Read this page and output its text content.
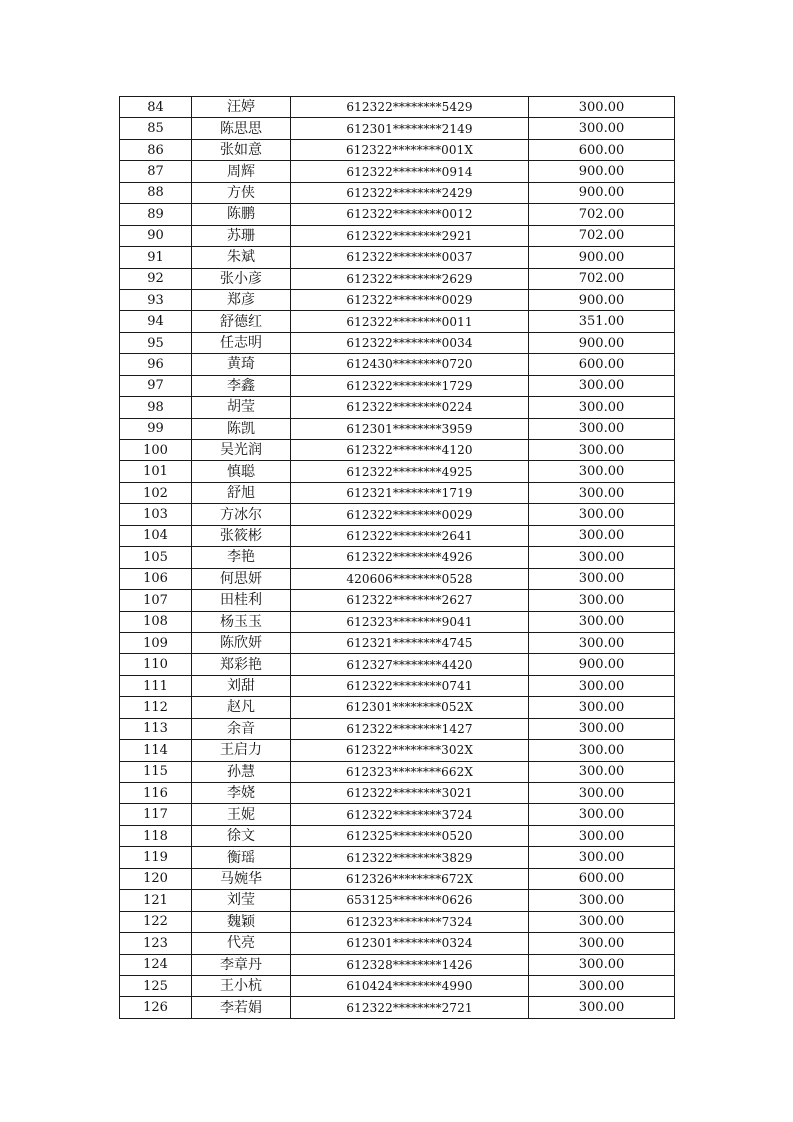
84	汪婷	612322********5429	300.00
85	陈思思	612301********2149	300.00
86	张如意	612322********001X	600.00
87	周辉	612322********0914	900.00
88	方侠	612322********2429	900.00
89	陈鹏	612322********0012	702.00
90	苏珊	612322********2921	702.00
91	朱斌	612322********0037	900.00
92	张小彦	612322********2629	702.00
93	郑彦	612322********0029	900.00
94	舒德红	612322********0011	351.00
95	任志明	612322********0034	900.00
96	黄琦	612430********0720	600.00
97	李鑫	612322********1729	300.00
98	胡莹	612322********0224	300.00
99	陈凯	612301********3959	300.00
100	吴光润	612322********4120	300.00
101	慎聪	612322********4925	300.00
102	舒旭	612321********1719	300.00
103	方冰尔	612322********0029	300.00
104	张筱彬	612322********2641	300.00
105	李艳	612322********4926	300.00
106	何思妍	420606********0528	300.00
107	田桂利	612322********2627	300.00
108	杨玉玉	612323********9041	300.00
109	陈欣妍	612321********4745	300.00
110	郑彩艳	612327********4420	900.00
111	刘甜	612322********0741	300.00
112	赵凡	612301********052X	300.00
113	余音	612322********1427	300.00
114	王启力	612322********302X	300.00
115	孙慧	612323********662X	300.00
116	李娆	612322********3021	300.00
117	王妮	612322********3724	300.00
118	徐文	612325********0520	300.00
119	衡瑶	612322********3829	300.00
120	马婉华	612326********672X	600.00
121	刘莹	653125********0626	300.00
122	魏颖	612323********7324	300.00
123	代亮	612301********0324	300.00
124	李章丹	612328********1426	300.00
125	王小杭	610424********4990	300.00
126	李若娟	612322********2721	300.00
